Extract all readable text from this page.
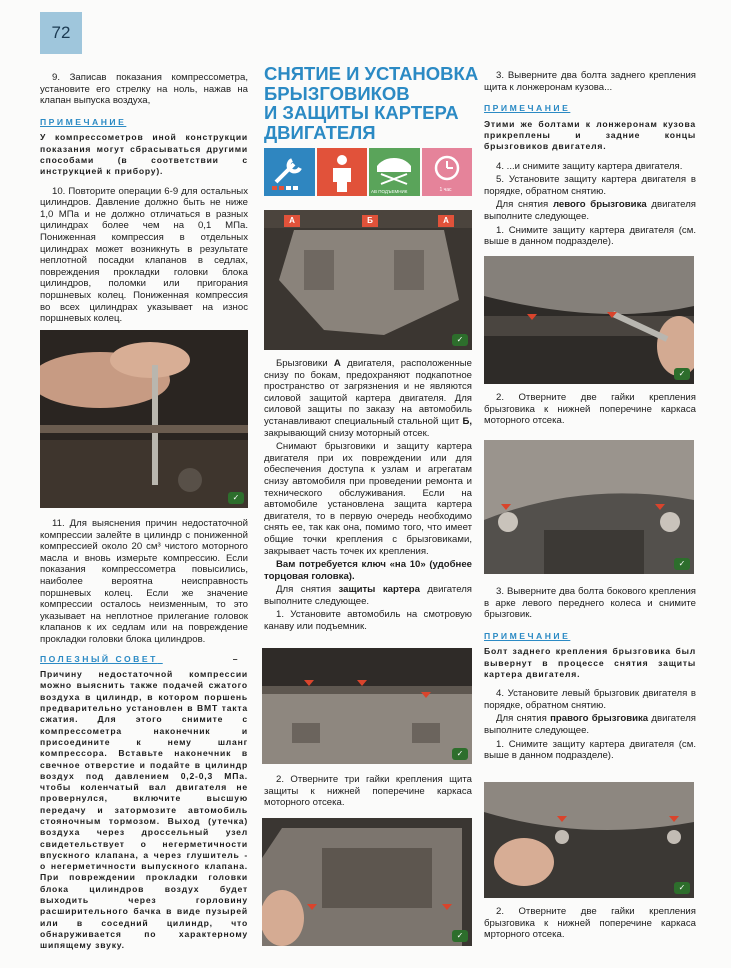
72

9. Записав показания компрессометра, установите его стрелку на ноль, нажав на клапан выпуска воздуха,

ПРИМЕЧАНИЕ

У компрессометров иной конструкции показания могут сбрасываться другими способами (в соответствии с инструкцией к прибору).

10. Повторите операции 6-9 для остальных цилиндров. Давление должно быть не ниже 1,0 МПа и не должно отличаться в разных цилиндрах более чем на 0,1 МПа. Пониженная компрессия в отдельных цилиндрах может возникнуть в результате неплотной посадки клапанов в седлах, повреждения прокладки головки блока цилиндров, поломки или пригорания поршневых колец. Пониженная компрессия во всех цилиндрах указывает на износ поршневых колец.

✓

11. Для выяснения причин недостаточной компрессии залейте в цилиндр с пониженной компрессией около 20 см³ чистого моторного масла и вновь измерьте компрессию. Если показания компрессометра повысились, наиболее вероятна неисправность поршневых колец. Если же значение компрессии осталось неизменным, то это указывает на неплотное прилегание головок клапанов к их седлам или на повреждение прокладки головки блока цилиндров.

ПОЛЕЗНЫЙ СОВЕТ	–

Причину недостаточной компрессии можно выяснить также подачей сжатого воздуха в цилиндр, в котором поршень предварительно установлен в ВМТ такта сжатия. Для этого снимите с компрессометра наконечник и присоедините к нему шланг компрессора. Вставьте наконечник в свечное отверстие и подайте в цилиндр воздух под давлением 0,2-0,3 МПа. чтобы коленчатый вал двигателя не провернулся, включите высшую передачу и затормозите автомобиль стояночным тормозом. Выход (утечка) воздуха через дроссельный узел свидетельствует о негерметичности впускного клапана, а через глушитель - о негерметичности выпускного клапана. При повреждении прокладки головки блока цилиндров воздух будет выходить через горловину расширительного бачка в виде пузырей или в соседний цилиндр, что обнаруживается по характерному шипящему звуку.

СНЯТИЕ И УСТАНОВКА
БРЫЗГОВИКОВ
И ЗАЩИТЫ КАРТЕРА
ДВИГАТЕЛЯ
АВ ПОДЪЕМНИК	1 час
А	Б	А
✓

Брызговики А двигателя, расположенные снизу по бокам, предохраняют подкапотное пространство от загрязнения и не являются силовой защитой картера двигателя. Для силовой защиты по заказу на автомобиль устанавливают специальный стальной щит Б, закрывающий снизу моторный отсек.

Снимают брызговики и защиту картера двигателя при их повреждении или для обеспечения доступа к узлам и агрегатам снизу автомобиля при проведении ремонта и технического обслуживания. Если на автомобиле установлена защита картера двигателя, то в первую очередь необходимо снять ее, так как она, помимо того, что имеет общие точки крепления с брызговиками, закрывает часть точек их крепления.

Вам потребуется ключ «на 10» (удобнее торцовая головка).

Для снятия защиты картера двигателя выполните следующее.

1. Установите автомобиль на смотровую канаву или подъемник.

✓

2. Отверните три гайки крепления щита защиты к нижней поперечине каркаса моторного отсека.

✓

3. Выверните два болта заднего крепления щита к лонжеронам кузова...

ПРИМЕЧАНИЕ

Этими же болтами к лонжеронам кузова прикреплены и задние концы брызговиков двигателя.

4. ...и снимите защиту картера двигателя.

5. Установите защиту картера двигателя в порядке, обратном снятию.

Для снятия левого брызговика двигателя выполните следующее.

1. Снимите защиту картера двигателя (см. выше в данном подразделе).

✓

2. Отверните две гайки крепления брызговика к нижней поперечине каркаса моторного отсека.

✓

3. Выверните два болта бокового крепления в арке левого переднего колеса и снимите брызговик.

ПРИМЕЧАНИЕ

Болт заднего крепления брызговика был вывернут в процессе снятия защиты картера двигателя.

4. Установите левый брызговик двигателя в порядке, обратном снятию.

Для снятия правого брызговика двигателя выполните следующее.

1. Снимите защиту картера двигателя (см. выше в данном подразделе).

✓

2. Отверните две гайки крепления брызговика к нижней поперечине каркаса мрторного отсека.
